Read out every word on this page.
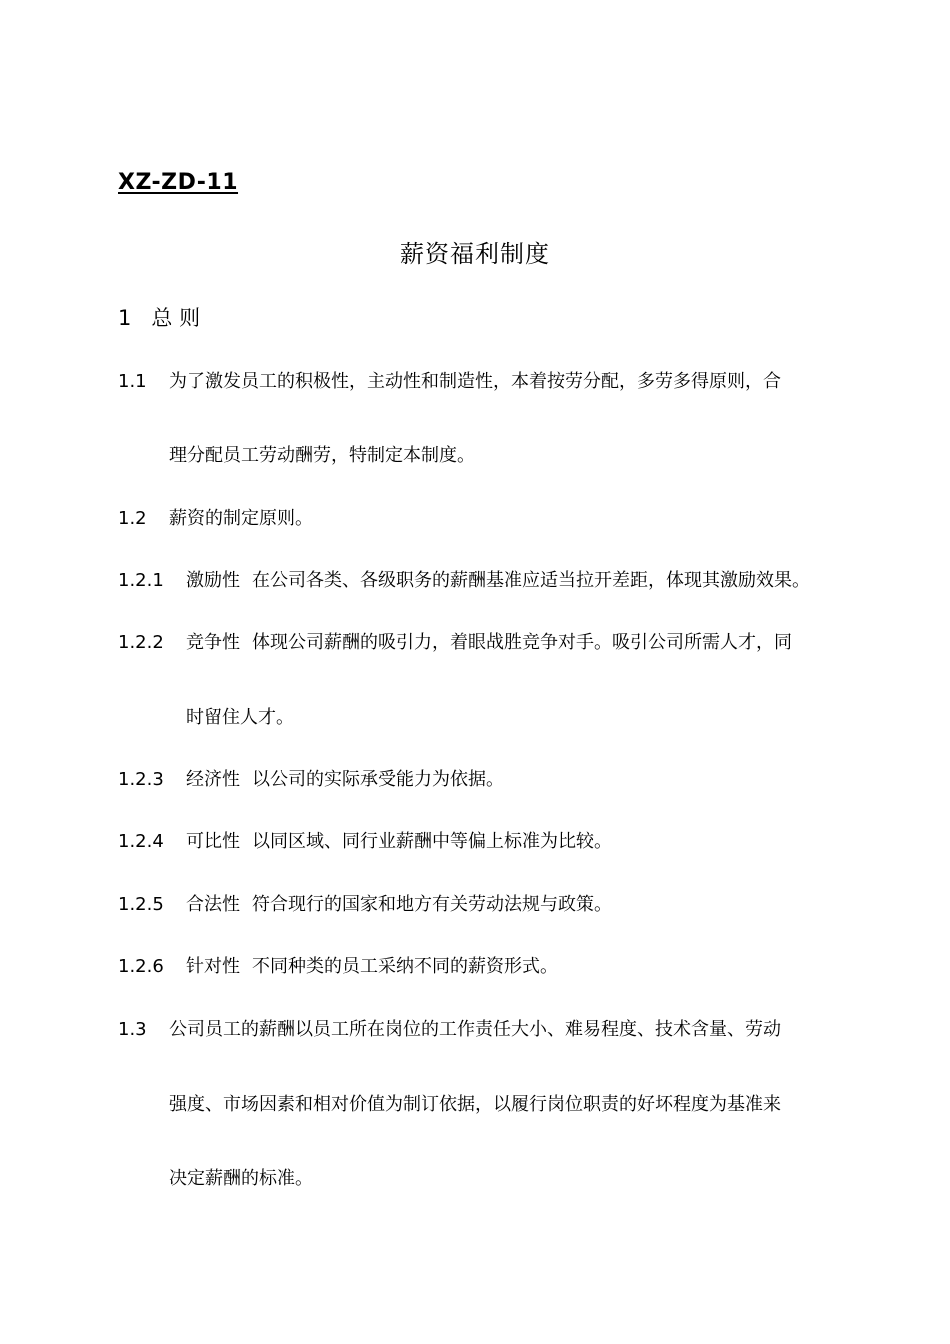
XZ-ZD-11
薪资福利制度
1 总 则
1.1 为了激发员工的积极性，主动性和制造性，本着按劳分配，多劳多得原则，合
理分配员工劳动酬劳，特制定本制度。
1.2 薪资的制定原则。
1.2.1 激励性 在公司各类、各级职务的薪酬基准应适当拉开差距，体现其激励效果。
1.2.2 竞争性 体现公司薪酬的吸引力，着眼战胜竞争对手。吸引公司所需人才，同
时留住人才。
1.2.3 经济性 以公司的实际承受能力为依据。
1.2.4 可比性 以同区域、同行业薪酬中等偏上标准为比较。
1.2.5 合法性 符合现行的国家和地方有关劳动法规与政策。
1.2.6 针对性 不同种类的员工采纳不同的薪资形式。
1.3 公司员工的薪酬以员工所在岗位的工作责任大小、难易程度、技术含量、劳动
强度、市场因素和相对价值为制订依据，以履行岗位职责的好坏程度为基准来
决定薪酬的标准。
